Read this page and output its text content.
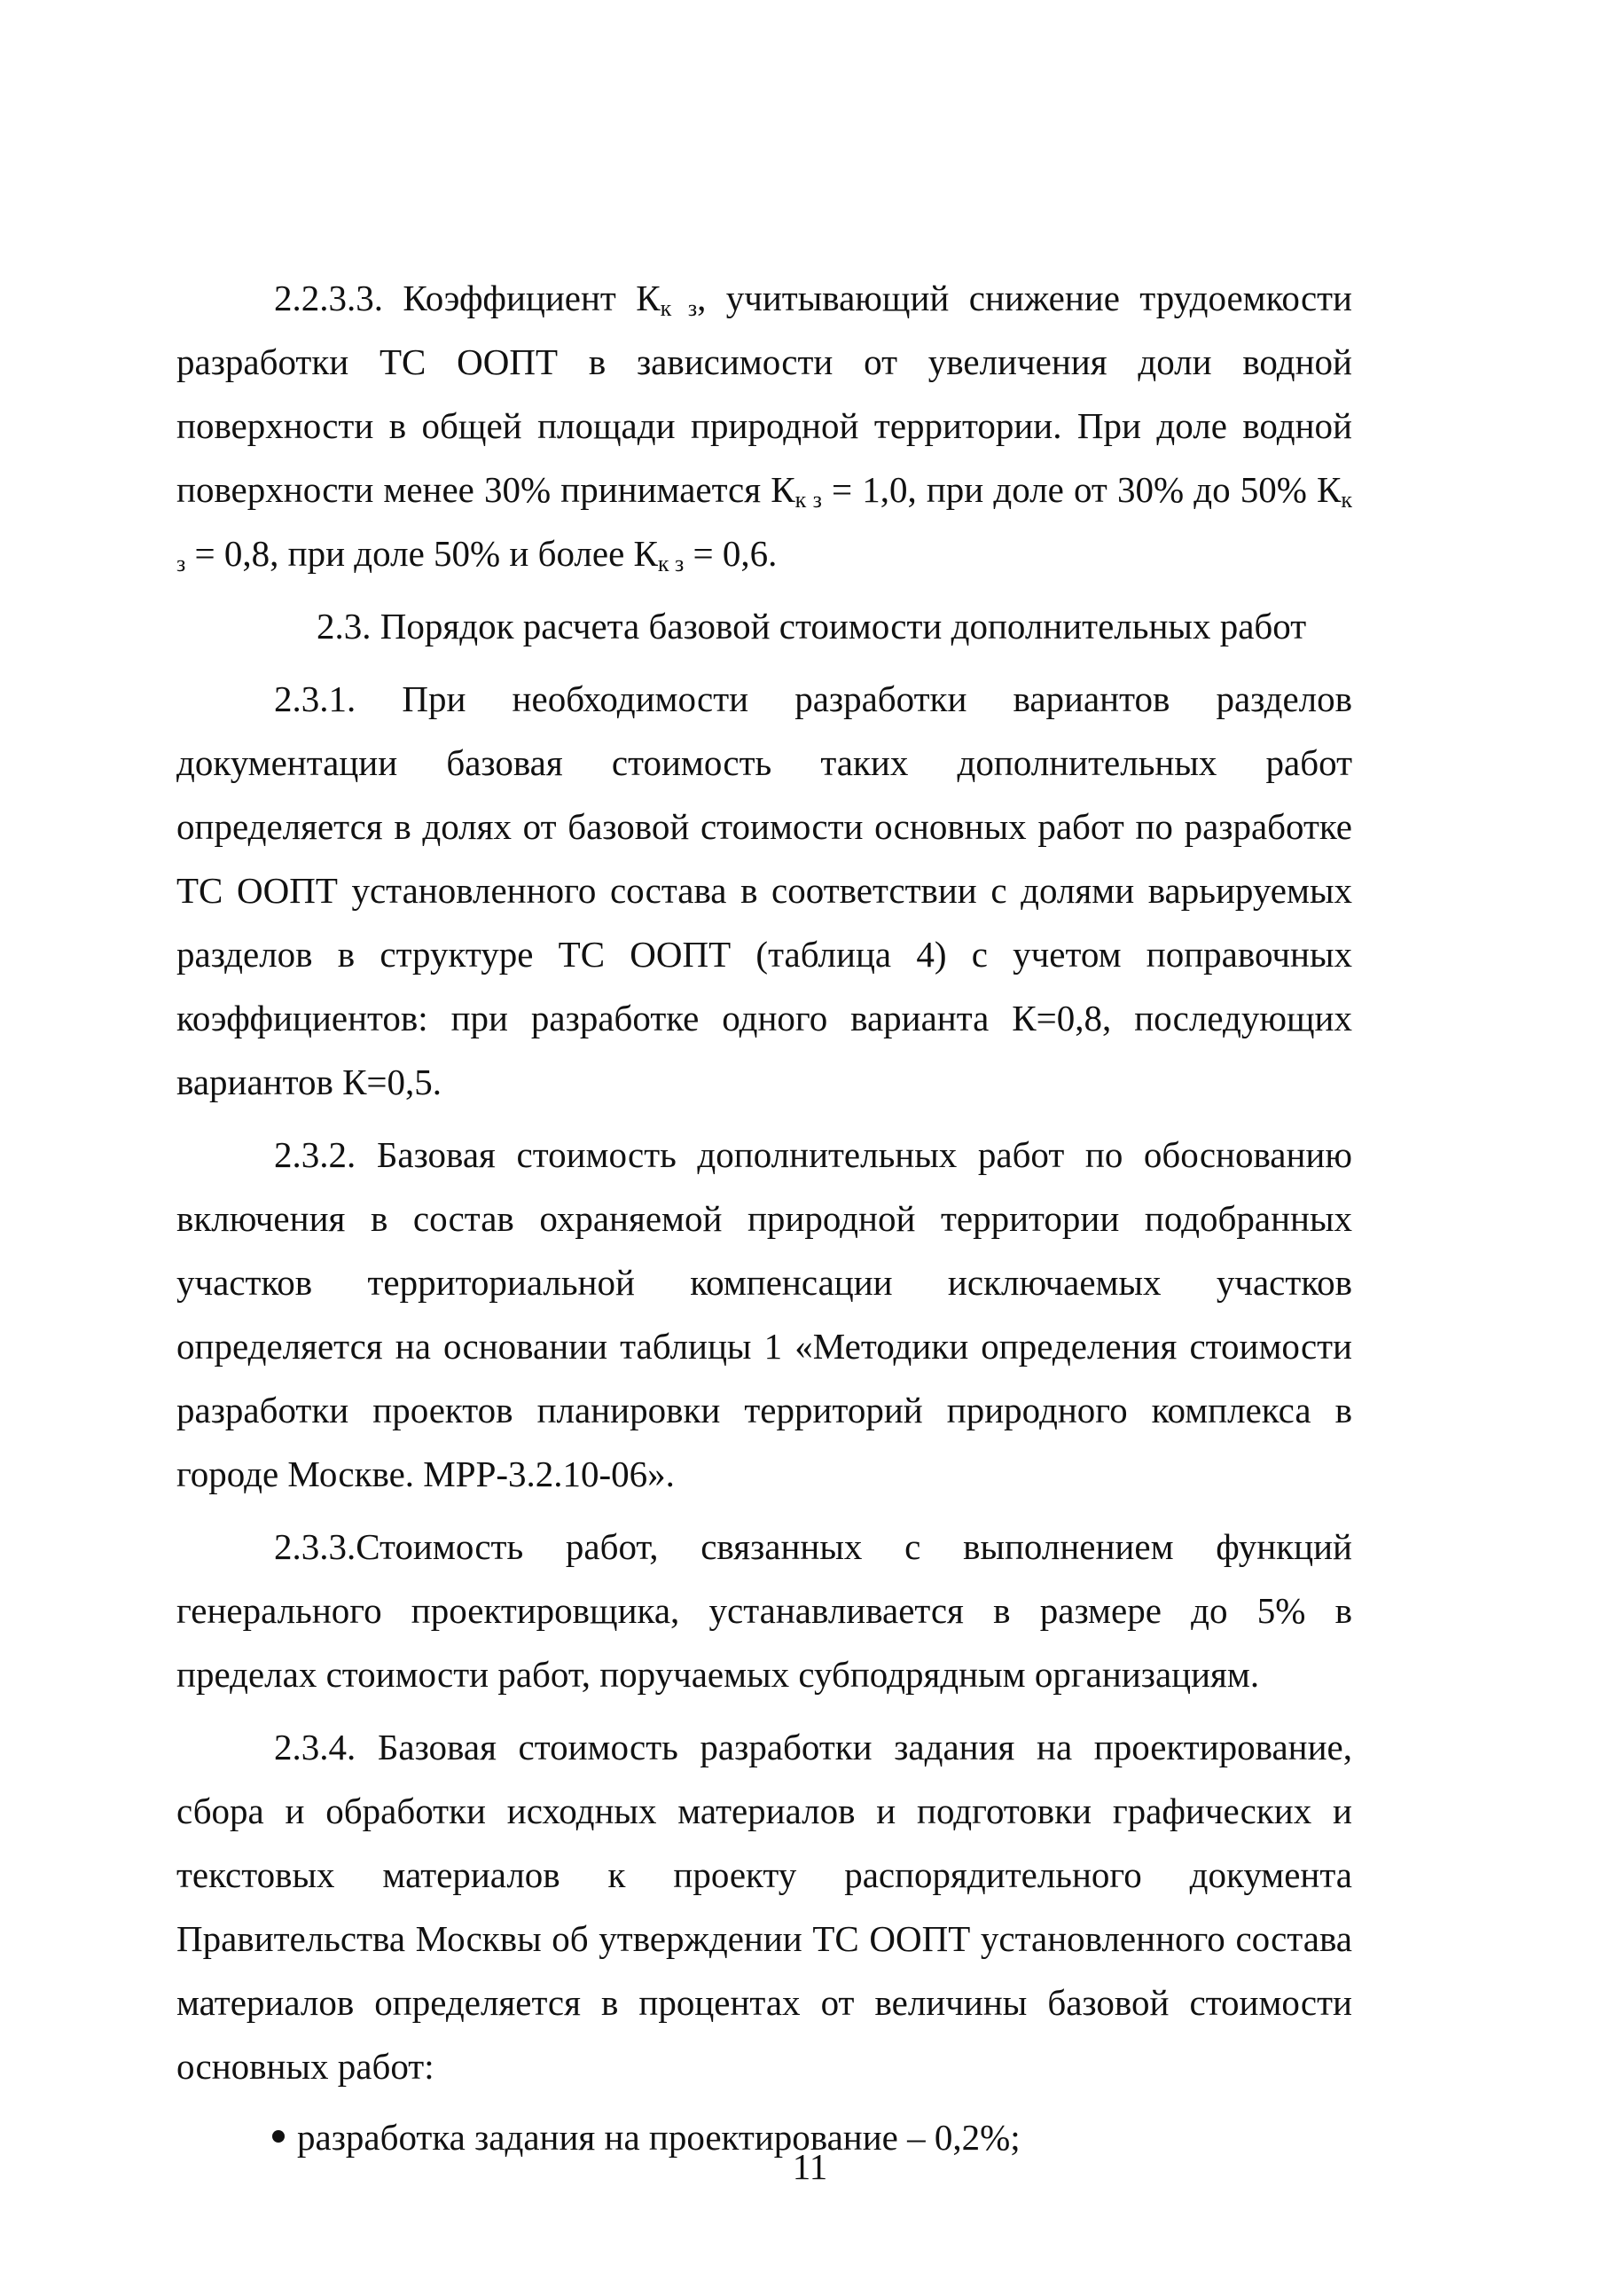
2.2.3.3. Коэффициент $К_{к з}$, учитывающий снижение трудоемкости разработки ТС ООПТ в зависимости от увеличения доли водной поверхности в общей площади природной территории. При доле водной поверхности менее 30% принимается $К_{к з} = 1,0$, при доле от 30% до 50% $К_{к з} = 0,8$, при доле 50% и более $К_{к з} = 0,6$.

2.3. Порядок расчета базовой стоимости дополнительных работ

2.3.1. При необходимости разработки вариантов разделов документации базовая стоимость таких дополнительных работ определяется в долях от базовой стоимости основных работ по разработке ТС ООПТ установленного состава в соответствии с долями варьируемых разделов в структуре ТС ООПТ (таблица 4) с учетом поправочных коэффициентов: при разработке одного варианта К=0,8, последующих вариантов К=0,5.

2.3.2. Базовая стоимость дополнительных работ по обоснованию включения в состав охраняемой природной территории подобранных участков территориальной компенсации исключаемых участков определяется на основании таблицы 1 «Методики определения стоимости разработки проектов планировки территорий природного комплекса в городе Москве. МРР-3.2.10-06».

2.3.3.Стоимость работ, связанных с выполнением функций генерального проектировщика, устанавливается в размере до 5% в пределах стоимости работ, поручаемых субподрядным организациям.

2.3.4. Базовая стоимость разработки задания на проектирование, сбора и обработки исходных материалов и подготовки графических и текстовых материалов к проекту распорядительного документа Правительства Москвы об утверждении ТС ООПТ установленного состава материалов определяется в процентах от величины базовой стоимости основных работ:

разработка задания на проектирование – 0,2%;

11
